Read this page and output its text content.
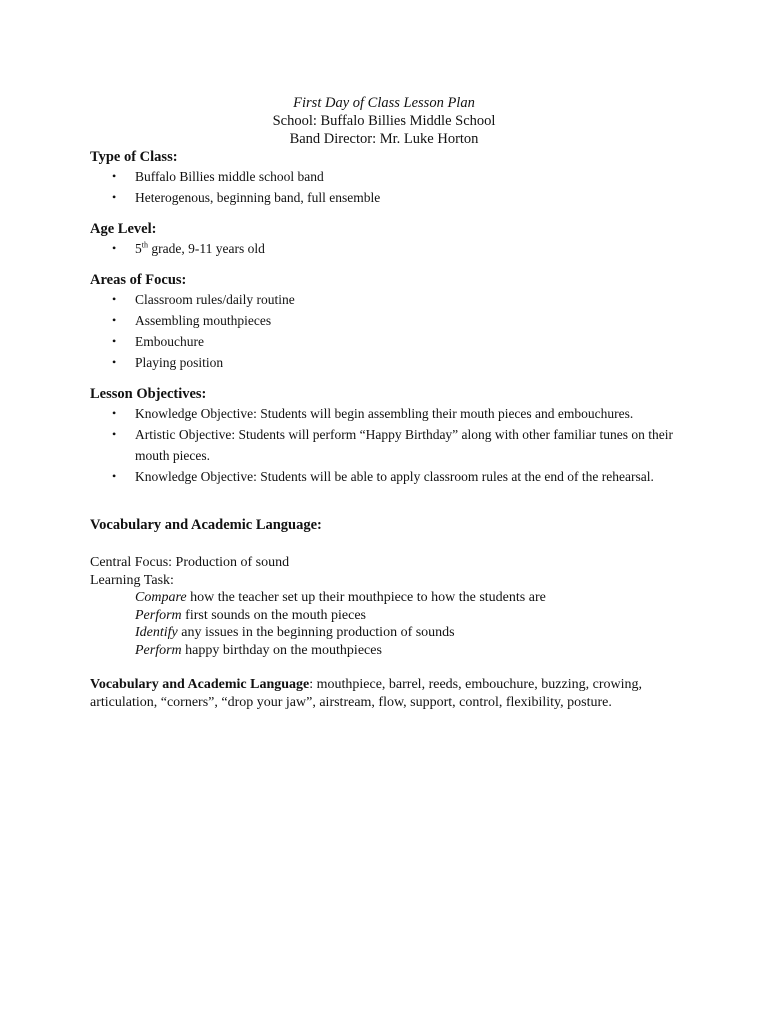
First Day of Class Lesson Plan
School: Buffalo Billies Middle School
Band Director: Mr. Luke Horton
Type of Class:
• Buffalo Billies middle school band
• Heterogenous, beginning band, full ensemble
Age Level:
• 5th grade, 9-11 years old
Areas of Focus:
• Classroom rules/daily routine
• Assembling mouthpieces
• Embouchure
• Playing position
Lesson Objectives:
• Knowledge Objective: Students will begin assembling their mouth pieces and embouchures.
• Artistic Objective: Students will perform “Happy Birthday” along with other familiar tunes on their mouth pieces.
• Knowledge Objective: Students will be able to apply classroom rules at the end of the rehearsal.
Vocabulary and Academic Language:
Central Focus: Production of sound
Learning Task:
Compare how the teacher set up their mouthpiece to how the students are
Perform first sounds on the mouth pieces
Identify any issues in the beginning production of sounds
Perform happy birthday on the mouthpieces

Vocabulary and Academic Language: mouthpiece, barrel, reeds, embouchure, buzzing, crowing, articulation, “corners”, “drop your jaw”, airstream, flow, support, control, flexibility, posture.
